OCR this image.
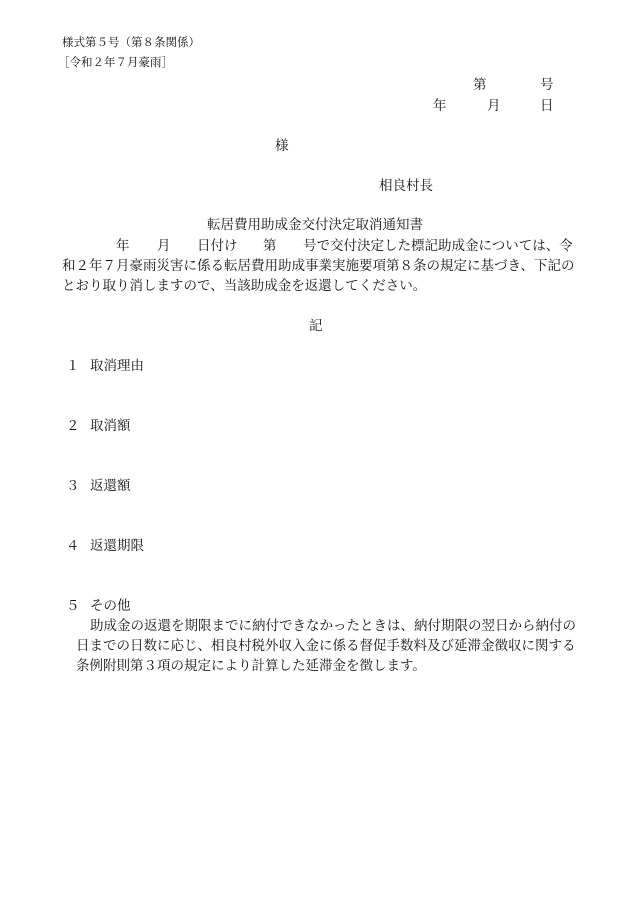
様式第５号（第８条関係）
［令和２年７月豪雨］
第	号
年	月	日
様
相良村長
転居費用助成金交付決定取消通知書
年 月 日付け 第 号で交付決定した標記助成金については、令
和２年７月豪雨災害に係る転居費用助成事業実施要項第８条の規定に基づき、下記の
とおり取り消しますので、当該助成金を返還してください。
記
１ 取消理由
２ 取消額
３ 返還額
４ 返還期限
５ その他
助成金の返還を期限までに納付できなかったときは、納付期限の翌日から納付の
日までの日数に応じ、相良村税外収入金に係る督促手数料及び延滞金徴収に関する
条例附則第３項の規定により計算した延滞金を徴します。
